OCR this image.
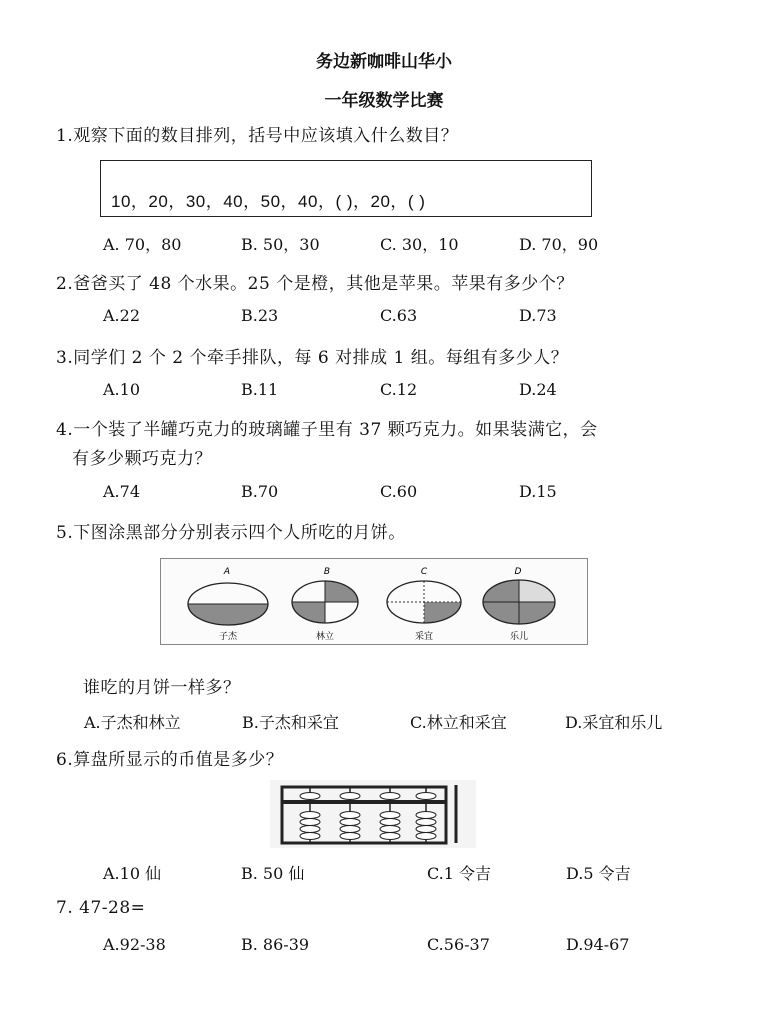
务边新咖啡山华小
一年级数学比赛
1.观察下面的数目排列，括号中应该填入什么数目？
10，20，30，40，50，40，( )，20，( )
A. 70，80	B. 50，30	C. 30，10	D. 70，90
2.爸爸买了 48 个水果。25 个是橙，其他是苹果。苹果有多少个？
A.22	B.23	C.63	D.73
3.同学们 2 个 2 个牵手排队，每 6 对排成 1 组。每组有多少人？
A.10	B.11	C.12	D.24
4.一个装了半罐巧克力的玻璃罐子里有 37 颗巧克力。如果装满它，会
有多少颗巧克力？
A.74	B.70	C.60	D.15
5.下图涂黑部分分别表示四个人所吃的月饼。
A
子杰
B
林立
C
采宜
D
乐儿
谁吃的月饼一样多？
A.子杰和林立	B.子杰和采宜	C.林立和采宜	D.采宜和乐儿
6.算盘所显示的币值是多少？
A.10 仙	B. 50 仙	C.1 令吉	D.5 令吉
7. 47-28=
A.92-38	B. 86-39	C.56-37	D.94-67
